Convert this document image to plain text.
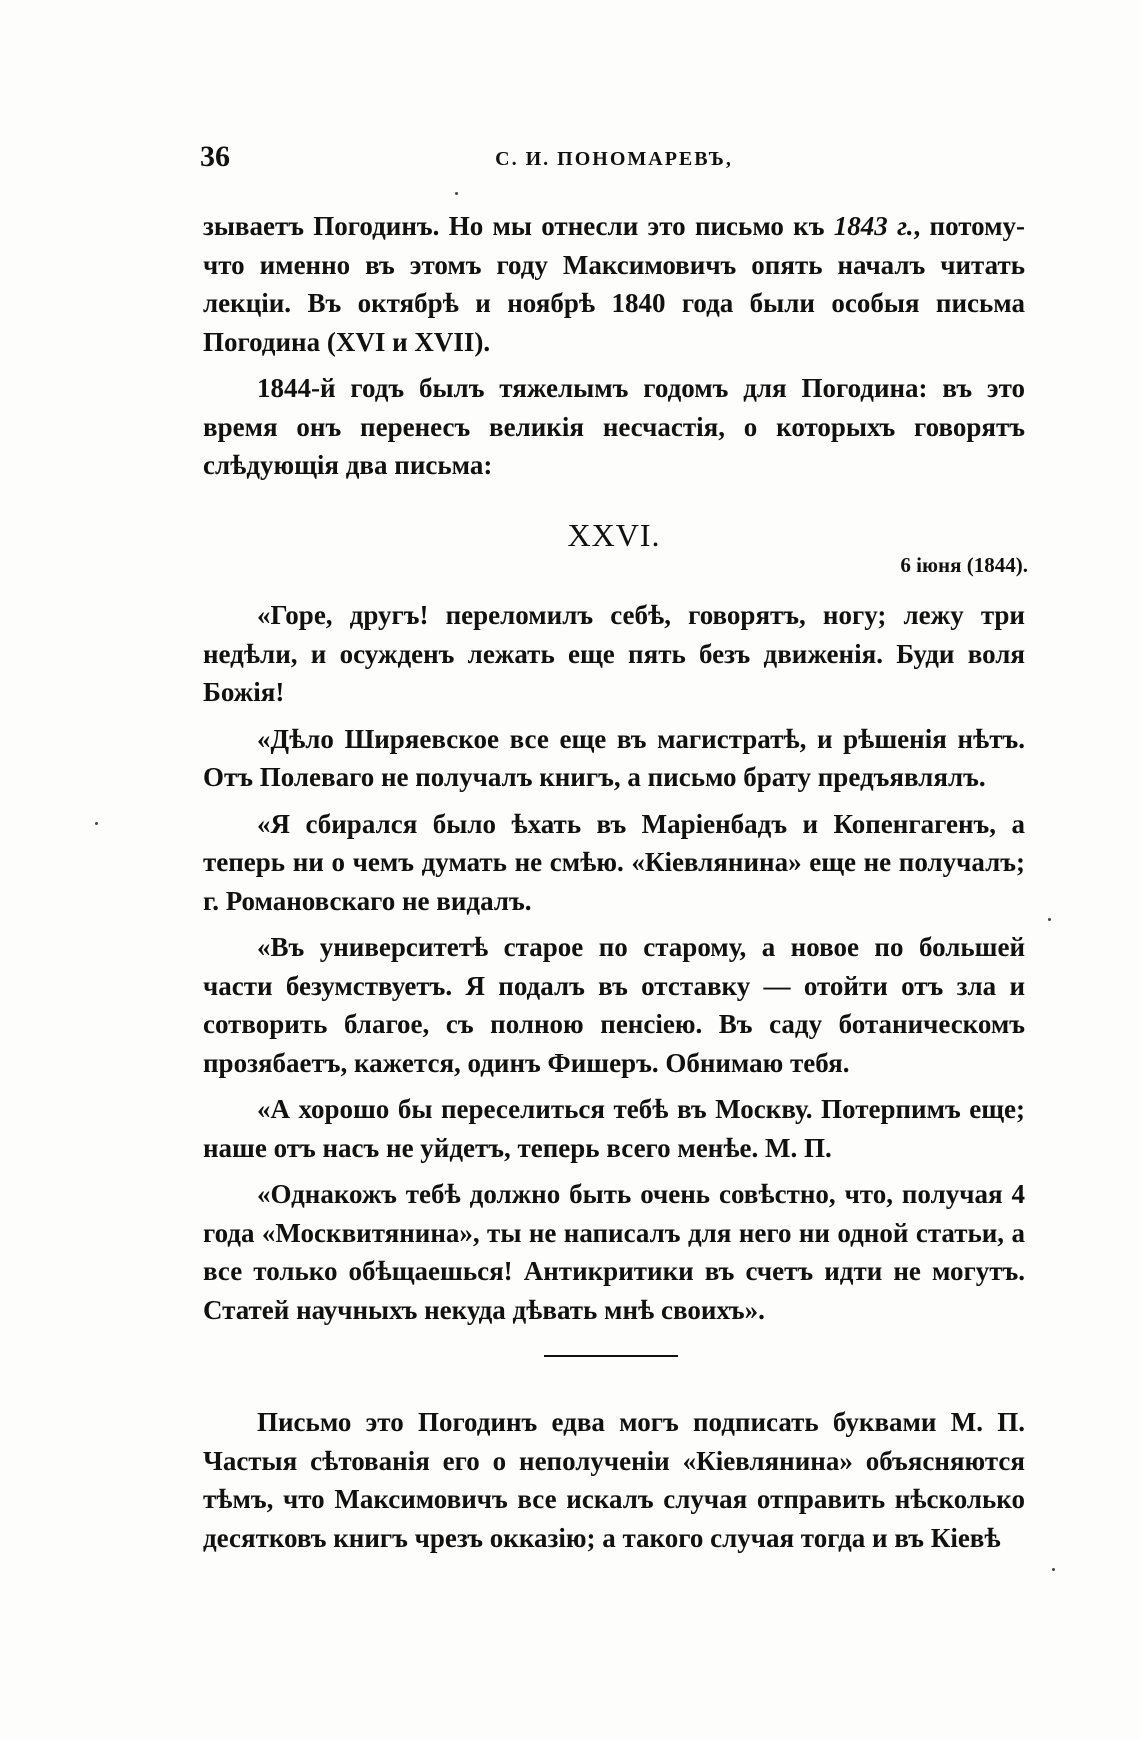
36	С. И. ПОНОМАРЕВЪ,

зываетъ Погодинъ. Но мы отнесли это письмо къ 1843 г., потому-что именно въ этомъ году Максимовичъ опять началъ читать лекціи. Въ октябрѣ и ноябрѣ 1840 года были особыя письма Погодина (XVI и XVII).

1844-й годъ былъ тяжелымъ годомъ для Погодина: въ это время онъ перенесъ великія несчастія, о которыхъ говорятъ слѣдующія два письма:

XXVI.
6 іюня (1844).

«Горе, другъ! переломилъ себѣ, говорятъ, ногу; лежу три недѣли, и осужденъ лежать еще пять безъ движенія. Буди воля Божія!

«Дѣло Ширяевское все еще въ магистратѣ, и рѣшенія нѣтъ. Отъ Полеваго не получалъ книгъ, а письмо брату предъявлялъ.

«Я сбирался было ѣхать въ Маріенбадъ и Копенгагенъ, а теперь ни о чемъ думать не смѣю. «Кіевлянина» еще не получалъ; г. Романовскаго не видалъ.

«Въ университетѣ старое по старому, а новое по большей части безумствуетъ. Я подалъ въ отставку — отойти отъ зла и сотворить благое, съ полною пенсіею. Въ саду ботаническомъ прозябаетъ, кажется, одинъ Фишеръ. Обнимаю тебя.

«А хорошо бы переселиться тебѣ въ Москву. Потерпимъ еще; наше отъ насъ не уйдетъ, теперь всего менѣе. М. П.

«Однакожъ тебѣ должно быть очень совѣстно, что, получая 4 года «Москвитянина», ты не написалъ для него ни одной статьи, а все только обѣщаешься! Антикритики въ счетъ идти не могутъ. Статей научныхъ некуда дѣвать мнѣ своихъ».

Письмо это Погодинъ едва могъ подписать буквами М. П. Частыя сѣтованія его о неполученіи «Кіевлянина» объясняются тѣмъ, что Максимовичъ все искалъ случая отправить нѣсколько десятковъ книгъ чрезъ окказію; а такого случая тогда и въ Кіевѣ
